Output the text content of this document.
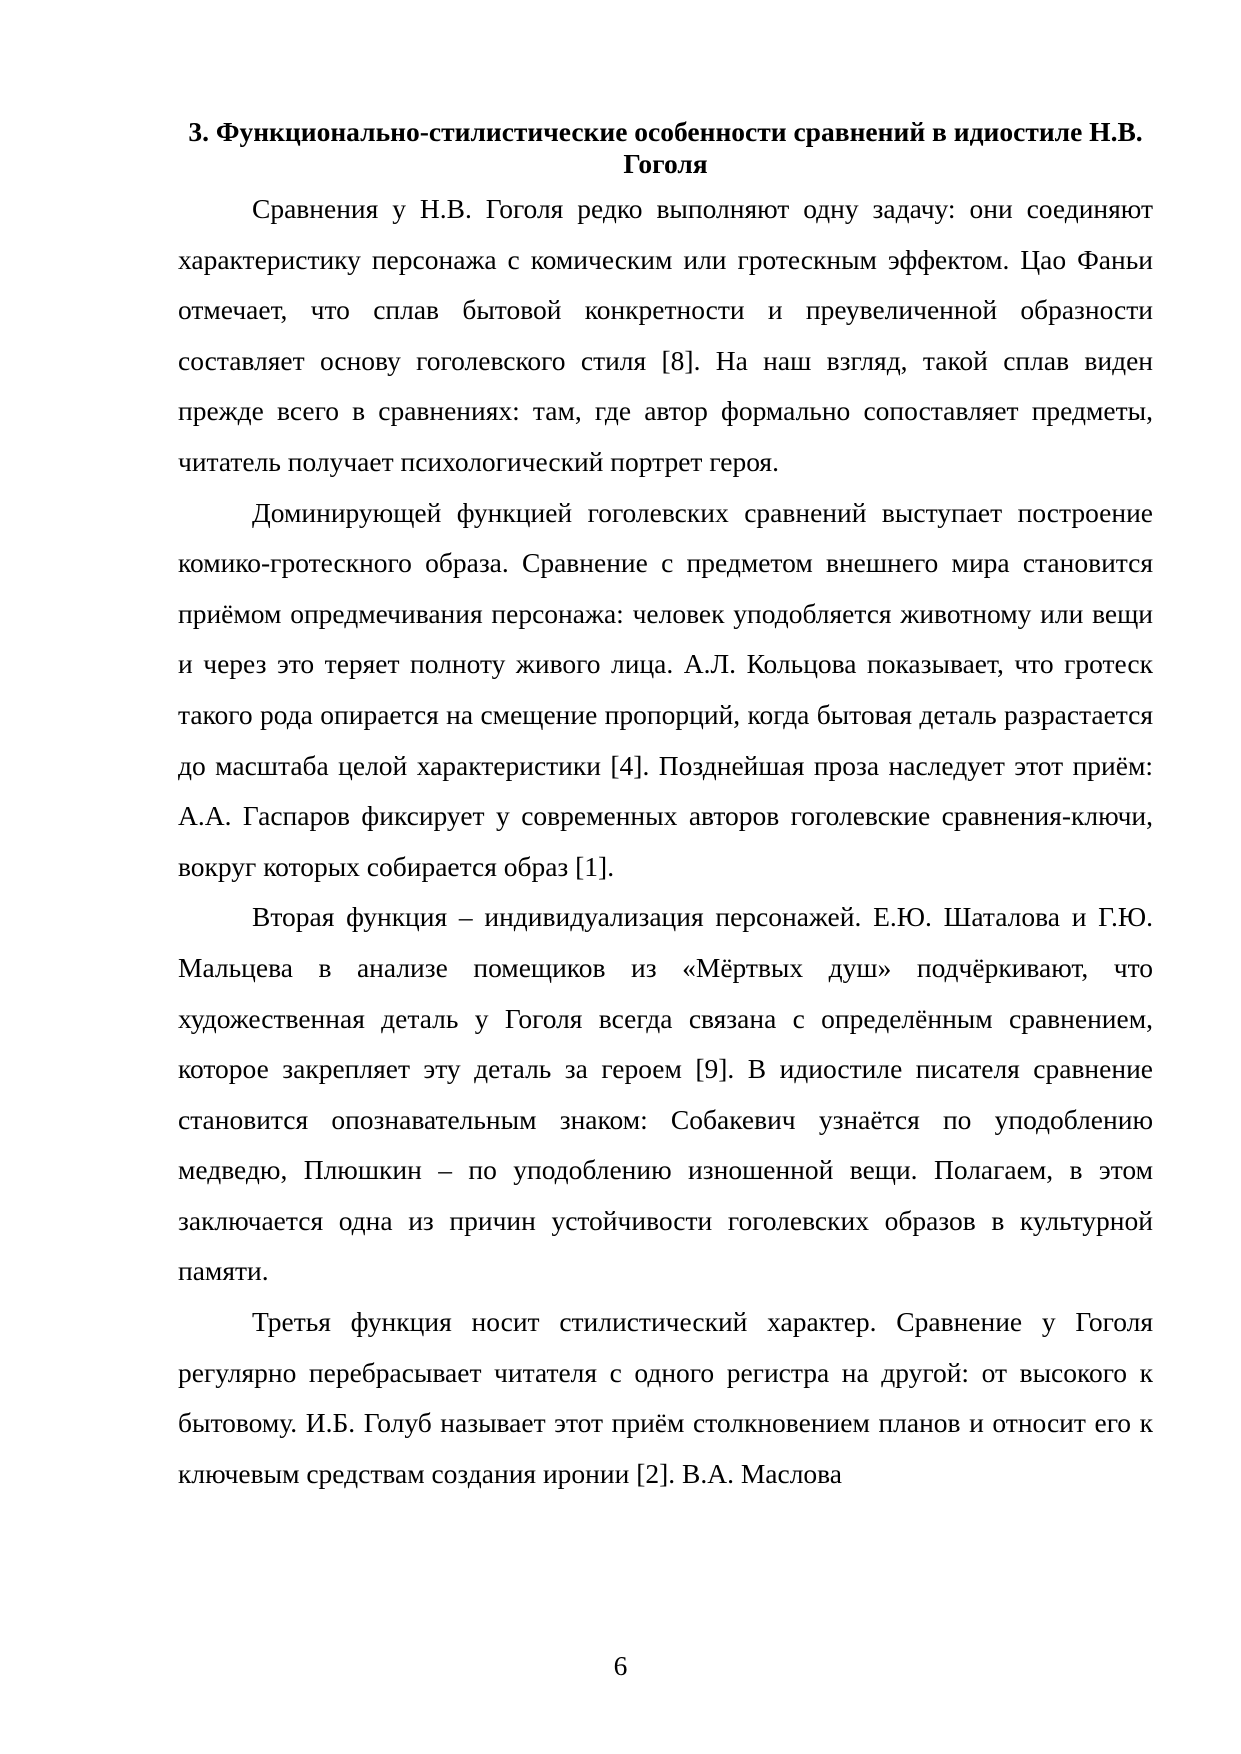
3. Функционально-стилистические особенности сравнений в идиостиле Н.В. Гоголя

Сравнения у Н.В. Гоголя редко выполняют одну задачу: они соединяют характеристику персонажа с комическим или гротескным эффектом. Цао Фаньи отмечает, что сплав бытовой конкретности и преувеличенной образности составляет основу гоголевского стиля [8]. На наш взгляд, такой сплав виден прежде всего в сравнениях: там, где автор формально сопоставляет предметы, читатель получает психологический портрет героя.

Доминирующей функцией гоголевских сравнений выступает построение комико-гротескного образа. Сравнение с предметом внешнего мира становится приёмом опредмечивания персонажа: человек уподобляется животному или вещи и через это теряет полноту живого лица. А.Л. Кольцова показывает, что гротеск такого рода опирается на смещение пропорций, когда бытовая деталь разрастается до масштаба целой характеристики [4]. Позднейшая проза наследует этот приём: А.А. Гаспаров фиксирует у современных авторов гоголевские сравнения-ключи, вокруг которых собирается образ [1].

Вторая функция – индивидуализация персонажей. Е.Ю. Шаталова и Г.Ю. Мальцева в анализе помещиков из «Мёртвых душ» подчёркивают, что художественная деталь у Гоголя всегда связана с определённым сравнением, которое закрепляет эту деталь за героем [9]. В идиостиле писателя сравнение становится опознавательным знаком: Собакевич узнаётся по уподоблению медведю, Плюшкин – по уподоблению изношенной вещи. Полагаем, в этом заключается одна из причин устойчивости гоголевских образов в культурной памяти.

Третья функция носит стилистический характер. Сравнение у Гоголя регулярно перебрасывает читателя с одного регистра на другой: от высокого к бытовому. И.Б. Голуб называет этот приём столкновением планов и относит его к ключевым средствам создания иронии [2]. В.А. Маслова

6
